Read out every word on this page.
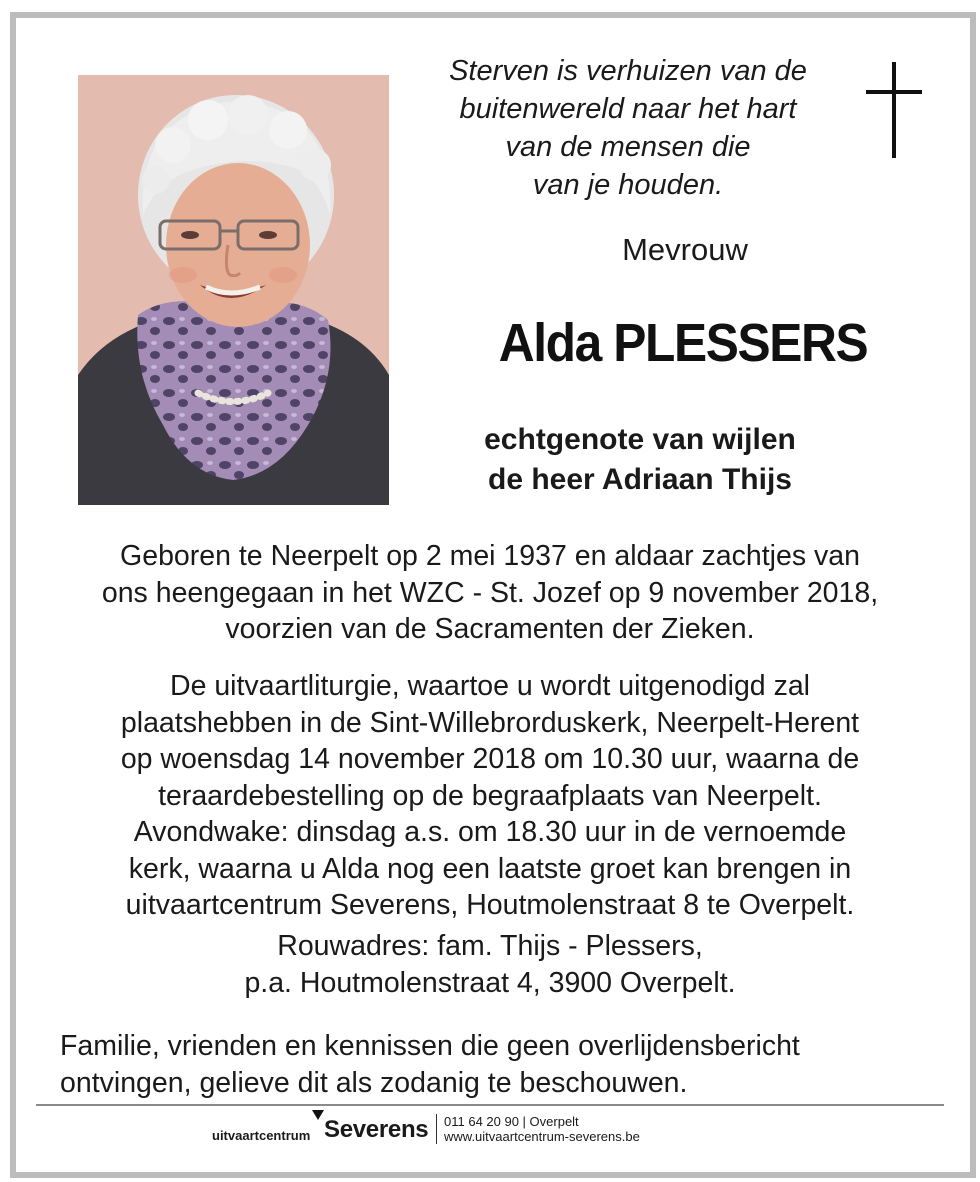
Sterven is verhuizen van de
buitenwereld naar het hart
van de mensen die
van je houden.
Mevrouw
Alda PLESSERS
echtgenote van wijlen
de heer Adriaan Thijs
Geboren te Neerpelt op 2 mei 1937 en aldaar zachtjes van
ons heengegaan in het WZC - St. Jozef op 9 november 2018,
voorzien van de Sacramenten der Zieken.
De uitvaartliturgie, waartoe u wordt uitgenodigd zal
plaatshebben in de Sint-Willebrorduskerk, Neerpelt-Herent
op woensdag 14 november 2018 om 10.30 uur, waarna de
teraardebestelling op de begraafplaats van Neerpelt.
Avondwake: dinsdag a.s. om 18.30 uur in de vernoemde
kerk, waarna u Alda nog een laatste groet kan brengen in
uitvaartcentrum Severens, Houtmolenstraat 8 te Overpelt.
Rouwadres: fam. Thijs - Plessers,
p.a. Houtmolenstraat 4, 3900 Overpelt.
Familie, vrienden en kennissen die geen overlijdensbericht
ontvingen, gelieve dit als zodanig te beschouwen.
uitvaartcentrum Severens 011 64 20 90 | Overpelt
www.uitvaartcentrum-severens.be
